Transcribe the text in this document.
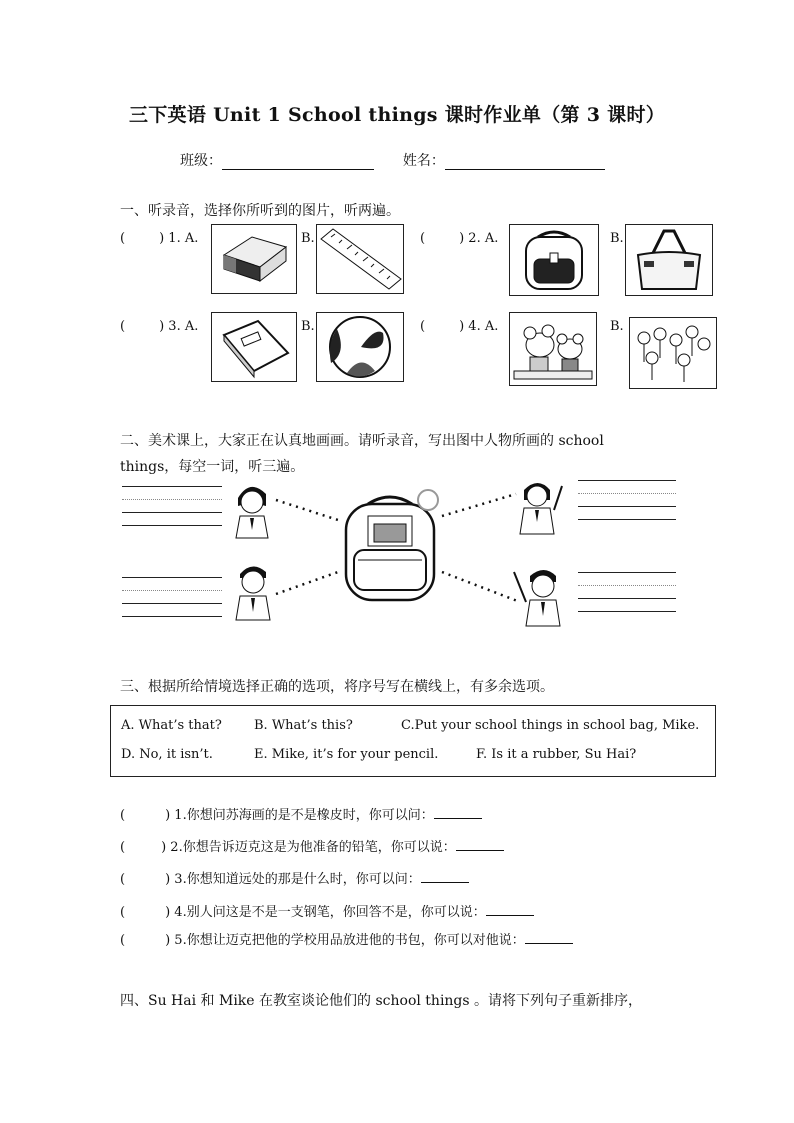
三下英语 Unit 1 School things 课时作业单（第 3 课时）
班级：	姓名：
一、听录音，选择你所听到的图片，听两遍。
(	) 1. A.	B.	(	) 2. A.	B.
(	) 3. A.	B.	(	) 4. A.	B.
二、美术课上，大家正在认真地画画。请听录音，写出图中人物所画的 school
things，每空一词，听三遍。
三、根据所给情境选择正确的选项，将序号写在横线上，有多余选项。
A. What’s that? B. What’s this?	C.Put your school things in school bag, Mike.
D. No, it isn’t.	E. Mike, it’s for your pencil.	F. Is it a rubber, Su Hai?
(	) 1.你想问苏海画的是不是橡皮时，你可以问：
(	) 2.你想告诉迈克这是为他准备的铅笔，你可以说：
(	) 3.你想知道远处的那是什么时，你可以问：
(	) 4.别人问这是不是一支钢笔，你回答不是，你可以说：
(	) 5.你想让迈克把他的学校用品放进他的书包，你可以对他说：
四、Su Hai 和 Mike 在教室谈论他们的 school things 。请将下列句子重新排序，
